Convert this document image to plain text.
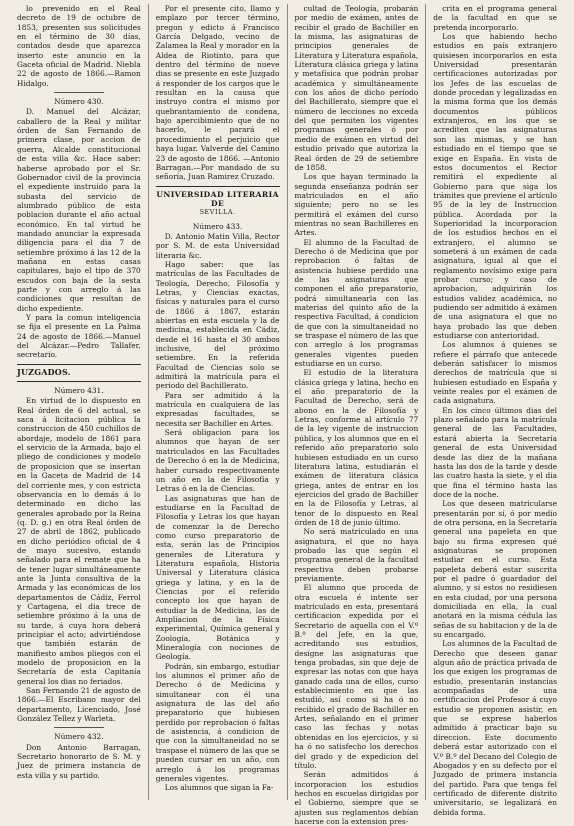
lo prevenido en el Real decreto de 19 de octubre de 1853, presenten sus solicitudes en el término de 30 días, contados desde que aparezca inserto este anuncio en la Gaceta oficial de Madrid. Niebla 22 de agosto de 1866.—Ramon Hidalgo.

Número 430.

D. Manuel del Alcázar, caballero de la Real y militar órden de San Fernando de primera clase, por accion de guerra, Alcalde constitucional de esta villa &c. Hace saber: haberse aprobado por el Sr. Gobernador civil de la provincia el expediente instruido para la subasta del servicio de alumbrado público de esta poblacion durante el año actual económico. En tal virtud he mandado anunciar la expresada diligencia para el dia 7 de setiembre próximo á las 12 de la mañana en estas casas capitulares, bajo el tipo de 370 escudos con baja de la sesta parte y con arreglo á las condiciones que resultan de dicho expediente.

Y para la comun inteligencia se fija el presente en La Palma 24 de agosto de 1866.—Manuel del Alcázar.—Pedro Tallafer, secretario.

JUZGADOS.

Número 431.

En virtud de lo dispuesto en Real órden de 6 del actual, se saca á licitacion pública la construccion de 450 cuchillos de abordaje, modelo de 1861 para el servicio de la Armada, bajo el pliego de condiciones y modelo de proposicion que se insertan en la Gaceta de Madrid de 14 del corriente mes, y con estricta observancia en lo demás á lo determinado en dicho las generales aprobado por la Reina (q. D. g.) en otra Real órden de 27 de abril de 1862, publicado en dicho periódico oficial de 4 de mayo sucesivo, estando señalado para el remate que ha de tener lugar simultáneamente ante la Junta consultiva de la Armada y las económicas de los departamentos de Cádiz, Ferrol y Cartagena, el dia trece de setiembre próximo á la una de su tarde, á cuya hora deberá principiar el acto; advirtiéndose que también estarán de manifiesto ambos pliegos con el modelo de proposicion en la Secretaría de esta Capitanía general los dias no feriados.

San Fernando 21 de agosto de 1866.—El Escribano mayor del departamento, Licenciado, José González Tellez y Warleta.

Número 432.

Don Antonio Barragan, Secretario honorario de S. M. y Juez de primera instancia de esta villa y su partido.

Por el presente cito, llamo y emplazo por tercer término, pregon y edicto á Francisco García Delgado, vecino de Zalamea la Real y morador en la Aldea de Riotinto, para que dentro del término de nueve dias se presente en este Juzgado á responder de los cargos que le resultan en la causa que instruyo contra el mismo por quebrantamiento de condena, bajo apercibimiento que de no hacerlo, le parará el procedimiento el perjuicio que haya lugar. Valverde del Camino 23 de agosto de 1866. —Antonio Barragan.—Por mandado de su señoría, Juan Ramirez Cruzado.

UNIVERSIDAD LITERARIA DE

SEVILLA.

Número 433.

D. Antonio Matin Villa, Rector por S. M. de esta Universidad literaria &c.

Hago saber: que las matrículas de las Facultades de Teología, Derecho, Filosofía y Letras, y Ciencias exactas, físicas y naturales para el curso de 1866 á 1867, estarán abiertas en esta escuela y la de medicina, establecida en Cádiz, desde el 16 hasta el 30 ambos inclusive, del próximo setiembre. En la referida Facultad de Ciencias solo se admitirá la matrícula para el periodo del Bachillerato.

Para ser admitido á la matrícula en cualquiera de las expresadas facultades, se necesita ser Bachiller en Artes.

Será obligacion para los alumnos que hayan de ser matriculados en las Facultades de Derecho ó en la de Medicina, haber cursado respectivamente un año en la de Filosofía y Letras ó en la de Ciencias.

Las asignaturas que han de estudiarse en la Facultad de Filosofía y Letras los que hayan de comenzar la de Derecho como curso preparatorio de esta, serán las de Principios generales de Literatura y Literatura española, Historia Universal y Literatura clásica griega y latina, y en la de Ciencias por el referido concepto los que hayan de estudiar la de Medicina, las de Ampliacion de la Física experimental, Química general y Zoología, Botánica y Mineralogía con nociones de Geología.

Podrán, sin embargo, estudiar los alumnos el primer año de Derecho ó de Medicina y simultanear con él una asignatura de las del año preparatorio que hubiesen perdido por reprobacion ó faltas de asistencia, á condicion de que con la simultaneidad no se traspase el número de las que se pueden cursar en un año, con arreglo á los programas generales vigentes.

Los alumnos que sigan la Fa-

cultad de Teología, probarán por medio de exámen, antes de recibir el grado de Bachiller en la misma, las asignaturas de principios generales de Literatura y Literatura española, Literatura clásica griega y latina y metafísica que podrán probar académica y simultáneamente con los años de dicho período del Bachillerato, siempre que el número de lecciones no exceda del que permiten los vigentes programas generales ó por medio de exámen en virtud del estudio privado que autoriza la Real órden de 29 de setiembre de 1858.

Los que hayan terminado la segunda enseñanza podrán ser matriculados en el año siguiente; pero no se les permitirá el exámen del curso mientras no sean Bachilleres en Artes.

El alumno de la Facultad de Derecho ó de Medicina que por reprobacion ó faltas de asistencia hubiese perdido una de las asignaturas que componen el año preparatorio, podrá simultanearla con las materias del quinto año de la respectiva Facultad, á condicion de que con la simultaneidad no se traspase el número de las que con arreglo á los programas generales vigentes pueden estudiarse en un curso.

El estudio de la literatura clásica griega y latina, hecho en el año preparatorio de la Facultad de Derecho, será de abono en la de Filosofía y Letras, conforme al artículo 77 de la ley vigente de instruccion pública, y los alumnos que en el referido año preparatorio solo hubiesen estudiado en un curso literatura latina, estudiarán el exámen de literatura clásica griega, antes de entrar en los ejercicios del grado de Bachiller en la de Filosofía y Letras, al tenor de lo dispuesto en Real órden de 18 de junio último.

No será matriculado en una asignatura, el que no haya probado las que según el programa general de la facultad respectiva deben probarse previamente.

El alumno que proceda de otra escuela é intente ser matriculado en esta, presentará certificacion expedida por el Secretario de aquella con el V.º B.º del Jefe, en la que, acreditando sus estudios, designe las asignaturas que tenga probadas, sin que deje de expresar las notas con que haya ganado cada una de ellos, curso establecimiento en que las estudió, así como si ha ó no recibido el grado de Bachiller en Artes, señalando en el primer caso las fechas y notas obtenidas en los ejercicios, y si ha ó no satisfecho los derechos del grado y de expedicion del título.

Serán admitidos á incorporacion los estudios hechos en escuelas dirigidas por el Gobierno, siempre que se ajusten sus reglamentos debían hacerse con la extension pres-

crita en el programa general de la facultad en que se pretenda incorporarlo.

Los que habiendo hecho estudios en país extranjero quisiesen incorporarlos en esta Universidad presentarán certificaciones autorizadas por los Jefes de las escuelas de donde procedan y legalizadas en la misma forma que los demás documentos públicos extranjeros, en los que se acrediten que las asignaturas son las mismas, y se han estudiado en el tiempo que se exige en España. En vista de estos documentos el Rector remitirá el expediente al Gobierno para que siga los trámites que previene el artículo 95 de la ley de Instruccion pública. Acordada por la Superioridad la incorporacion de los estudios hechos en el extranjero, el alumno se someterá á un exámen de cada asignatura, igual al que el reglamento novísimo exige para probar curso; y caso de aprobacion, adquirirán los estudios validez académica, no pudiendo ser admitido á exámen de una asignatura el que no haya probado las que deben estudiarse con anterioridad.

Los alumnos á quienes se refiere el párrafo que antecede deberán satisfacer lo mismos derechos de matrícula que si hubiesen estudiado en España y veinte reales por el exámen de cada asignatura.

En los cinco últimos dias del plazo señalado para la matrícula general de las Facultades, estará abierta la Secretaría general de esta Universidad desde las diez de la mañana hasta las dos de la tarde y desde las cuatro hasta la siete, y el dia que fina el término hasta las doce de la noche.

Los que deseen matricularse presentarán por sí, ó por medio de otra persona, en la Secretaría general una papeleta en que bajo su firma expresen qué asignaturas se proponen estudiar en el curso. Esta papeleta deberá estar suscrita por el padre ó guardador del alumno, y si estos no residiesen en esta ciudad, por una persona domiciliada en ella, la cual anotará en la misma cédula las señas de su habitacion y de la de su encargado.

Los alumnos de la Facultad de Derecho que deseen ganar algun año de práctica privada de los que exigen los programas de estudio, presentarán instancias acompañadas de una certificacion del Profesor á cuyo estudio se proponen asistir, en que se exprese haberlos admitido á practicar bajo su direccion. Este documento deberá estar autorizado con el V.º B.º del Decano del Colegio de Abogados y en su defecto por el Juzgado de primera instancia del partido. Para que tenga fel certificado de diferente distrito universitario, se legalizará en debida forma.
